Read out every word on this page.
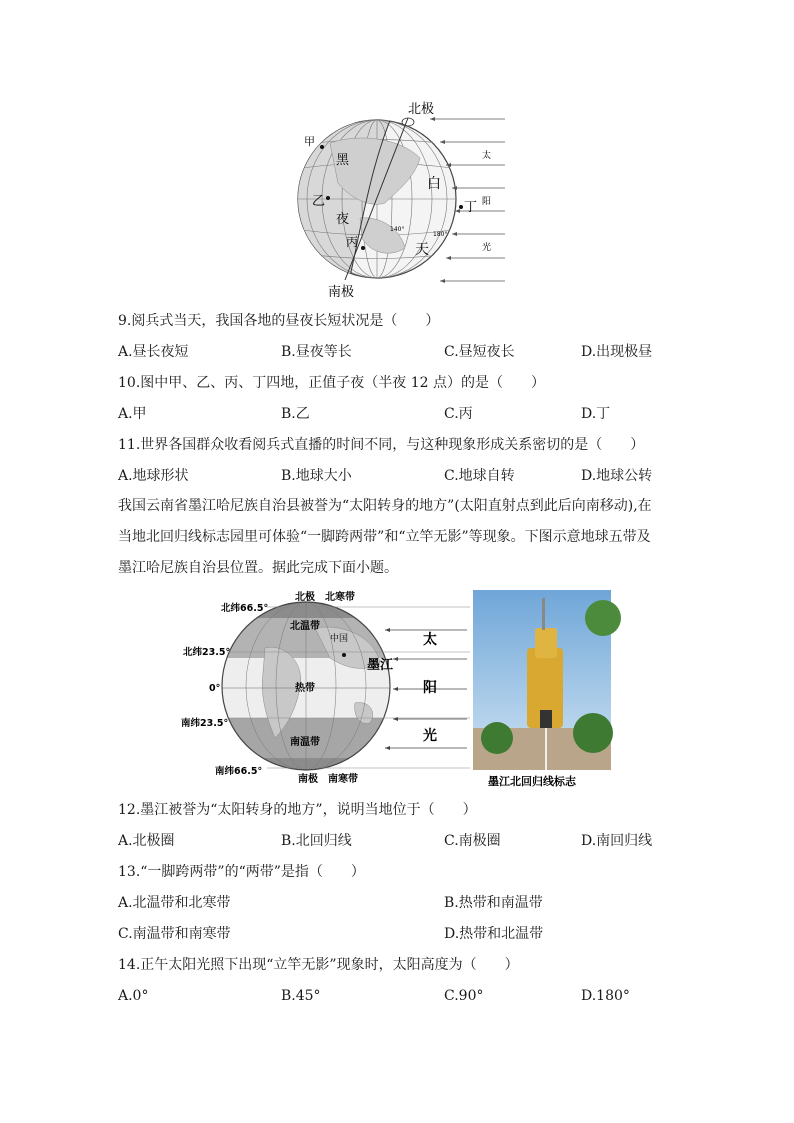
北极
南极
甲
乙
丙
丁
黑
夜
白
天
太
阳
光
140°
180°
9.阅兵式当天，我国各地的昼夜长短状况是（　　）
A.昼长夜短	B.昼夜等长	C.昼短夜长	D.出现极昼
10.图中甲、乙、丙、丁四地，正值子夜（半夜 12 点）的是（　　）
A.甲	B.乙	C.丙	D.丁
11.世界各国群众收看阅兵式直播的时间不同，与这种现象形成关系密切的是（　　）
A.地球形状	B.地球大小	C.地球自转	D.地球公转
我国云南省墨江哈尼族自治县被誉为“太阳转身的地方”(太阳直射点到此后向南移动),在
当地北回归线标志园里可体验“一脚跨两带”和“立竿无影”等现象。下图示意地球五带及
墨江哈尼族自治县位置。据此完成下面小题。
北纬66.5°
北纬23.5°
0°
南纬23.5°
南纬66.5°
北极 北寒带
北温带
中国
墨江
热带
南温带
南极 南寒带
太
阳
光
墨江北回归线标志
12.墨江被誉为“太阳转身的地方”，说明当地位于（　　）
A.北极圈	B.北回归线	C.南极圈	D.南回归线
13.“一脚跨两带”的“两带”是指（　　）
A.北温带和北寒带	B.热带和南温带
C.南温带和南寒带	D.热带和北温带
14.正午太阳光照下出现“立竿无影”现象时，太阳高度为（　　）
A.0°	B.45°	C.90°	D.180°
